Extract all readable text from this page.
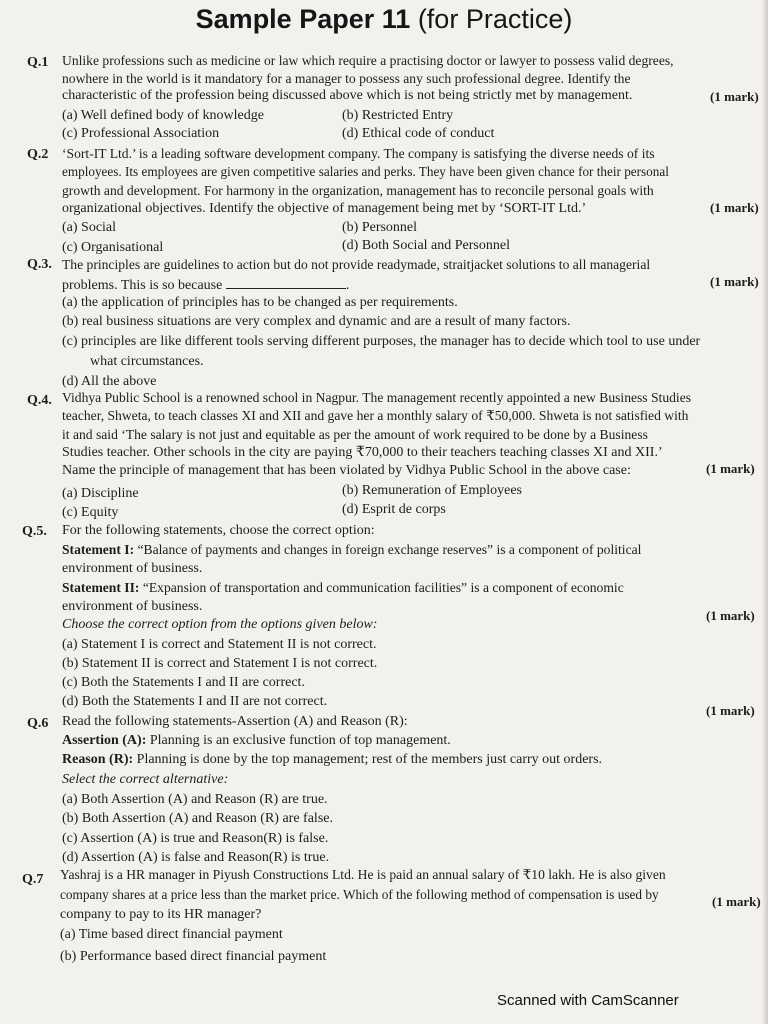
Sample Paper 11 (for Practice)
Q.1 Unlike professions such as medicine or law which require a practising doctor or lawyer to possess valid degrees,
nowhere in the world is it mandatory for a manager to possess any such professional degree. Identify the
characteristic of the profession being discussed above which is not being strictly met by management.	(1 mark)
(a) Well defined body of knowledge	(b) Restricted Entry
(c) Professional Association	(d) Ethical code of conduct
Q.2 ‘Sort-IT Ltd.’ is a leading software development company. The company is satisfying the diverse needs of its
employees. Its employees are given competitive salaries and perks. They have been given chance for their personal
growth and development. For harmony in the organization, management has to reconcile personal goals with
organizational objectives. Identify the objective of management being met by ‘SORT-IT Ltd.’	(1 mark)
(a) Social	(b) Personnel
(c) Organisational	(d) Both Social and Personnel
Q.3. The principles are guidelines to action but do not provide readymade, straitjacket solutions to all managerial
problems. This is so because	.	(1 mark)
(a) the application of principles has to be changed as per requirements.
(b) real business situations are very complex and dynamic and are a result of many factors.
(c) principles are like different tools serving different purposes, the manager has to decide which tool to use under
what circumstances.
(d) All the above
Q.4. Vidhya Public School is a renowned school in Nagpur. The management recently appointed a new Business Studies
teacher, Shweta, to teach classes XI and XII and gave her a monthly salary of ₹50,000. Shweta is not satisfied with
it and said ‘The salary is not just and equitable as per the amount of work required to be done by a Business
Studies teacher. Other schools in the city are paying ₹70,000 to their teachers teaching classes XI and XII.’
Name the principle of management that has been violated by Vidhya Public School in the above case:	(1 mark)
(a) Discipline	(b) Remuneration of Employees
(c) Equity	(d) Esprit de corps
Q.5. For the following statements, choose the correct option:
Statement I: “Balance of payments and changes in foreign exchange reserves” is a component of political
environment of business.
Statement II: “Expansion of transportation and communication facilities” is a component of economic
environment of business.
Choose the correct option from the options given below:
(1 mark)
(a) Statement I is correct and Statement II is not correct.
(b) Statement II is correct and Statement I is not correct.
(c) Both the Statements I and II are correct.
(d) Both the Statements I and II are not correct.
Q.6 Read the following statements-Assertion (A) and Reason (R):
(1 mark)
Assertion (A): Planning is an exclusive function of top management.
Reason (R): Planning is done by the top management; rest of the members just carry out orders.
Select the correct alternative:
(a) Both Assertion (A) and Reason (R) are true.
(b) Both Assertion (A) and Reason (R) are false.
(c) Assertion (A) is true and Reason(R) is false.
(d) Assertion (A) is false and Reason(R) is true.
Q.7 Yashraj is a HR manager in Piyush Constructions Ltd. He is paid an annual salary of ₹10 lakh. He is also given
company shares at a price less than the market price. Which of the following method of compensation is used by
company to pay to its HR manager?
(1 mark)
(a) Time based direct financial payment
(b) Performance based direct financial payment
Scanned with CamScanner
